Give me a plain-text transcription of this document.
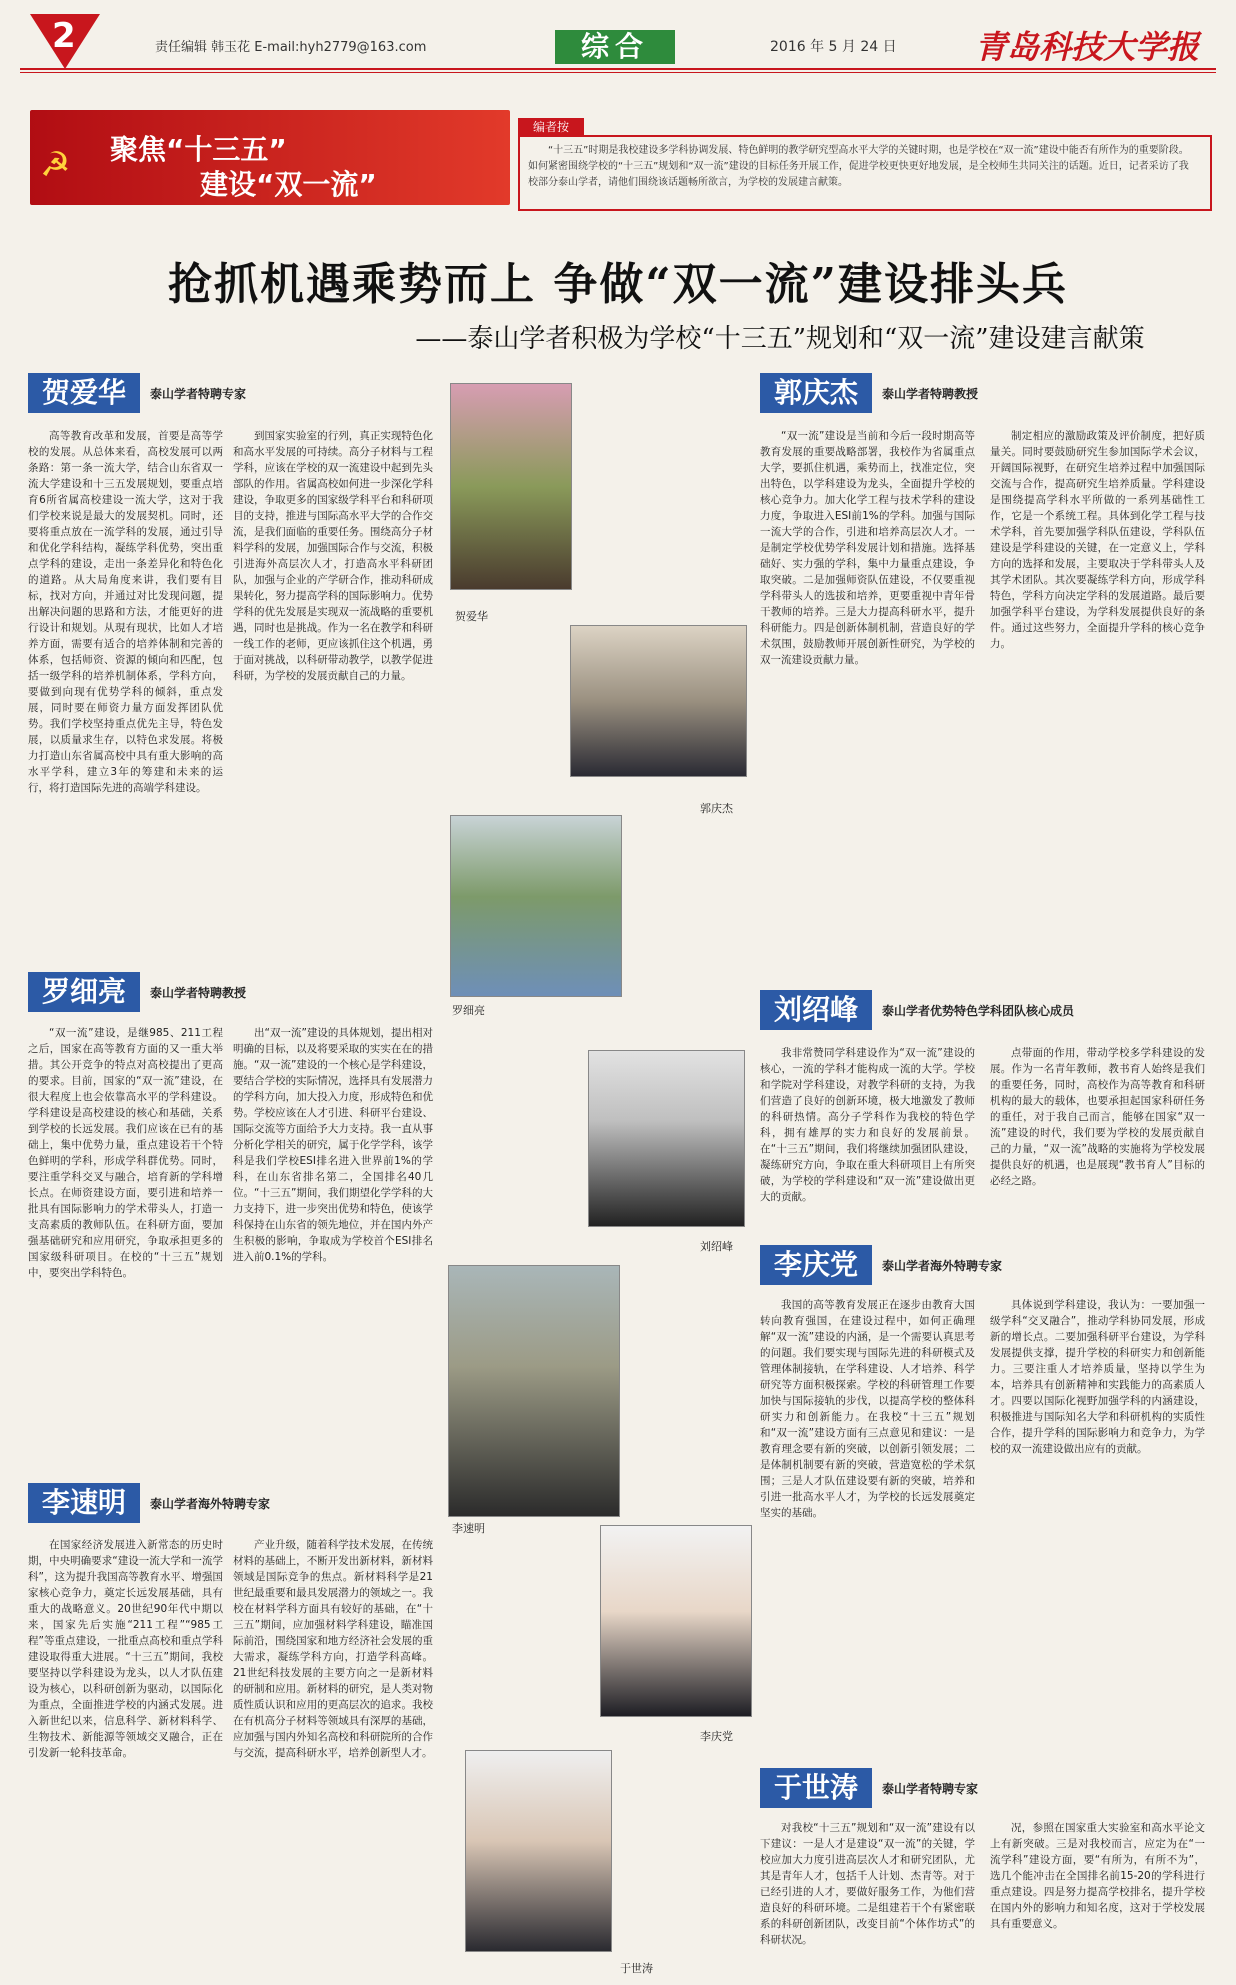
2	责任编辑 韩玉花 E-mail:hyh2779@163.com	综合	2016 年 5 月 24 日 青岛科技大学报
☭ 聚焦“十三五”
建设“双一流”
编者按
“十三五”时期是我校建设多学科协调发展、特色鲜明的教学研究型高水平大学的关键时期，也是学校在“双一流”建设中能否有所作为的重要阶段。如何紧密围绕学校的“十三五”规划和“双一流”建设的目标任务开展工作，促进学校更快更好地发展，是全校师生共同关注的话题。近日，记者采访了我校部分泰山学者，请他们围绕该话题畅所欲言，为学校的发展建言献策。
抢抓机遇乘势而上 争做“双一流”建设排头兵
——泰山学者积极为学校“十三五”规划和“双一流”建设建言献策
贺爱华	泰山学者特聘专家

高等教育改革和发展，首要是高等学校的发展。从总体来看，高校发展可以两条路：第一条一流大学，结合山东省双一流大学建设和十三五发展规划，要重点培育6所省属高校建设一流大学，这对于我们学校来说是最大的发展契机。同时，还要将重点放在一流学科的发展，通过引导和优化学科结构，凝练学科优势，突出重点学科的建设，走出一条差异化和特色化的道路。从大局角度来讲，我们要有目标，找对方向，并通过对比发现问题，提出解决问题的思路和方法，才能更好的进行设计和规划。从現有现状，比如人才培养方面，需要有适合的培养体制和完善的体系，包括师资、资源的倾向和匹配，包括一级学科的培养机制体系，学科方向，要做到向现有优势学科的倾斜，重点发展，同时要在师资力量方面发挥团队优势。我们学校坚持重点优先主导，特色发展，以质量求生存，以特色求发展。将极力打造山东省属高校中具有重大影响的高水平学科，建立3年的筹建和未来的运行，将打造国际先进的高端学科建设。

到国家实验室的行列，真正实现特色化和高水平发展的可持续。高分子材料与工程学科，应该在学校的双一流建设中起到先头部队的作用。省属高校如何进一步深化学科建设，争取更多的国家级学科平台和科研项目的支持，推进与国际高水平大学的合作交流，是我们面临的重要任务。围绕高分子材料学科的发展，加强国际合作与交流，积极引进海外高层次人才，打造高水平科研团队，加强与企业的产学研合作，推动科研成果转化，努力提高学科的国际影响力。优势学科的优先发展是实现双一流战略的重要机遇，同时也是挑战。作为一名在教学和科研一线工作的老师，更应该抓住这个机遇，勇于面对挑战，以科研带动教学，以教学促进科研，为学校的发展贡献自己的力量。

贺爱华
郭庆杰
罗细亮
刘绍峰
李速明
李庆党
于世涛
郭庆杰	泰山学者特聘教授

“双一流”建设是当前和今后一段时期高等教育发展的重要战略部署，我校作为省属重点大学，要抓住机遇，乘势而上，找准定位，突出特色，以学科建设为龙头，全面提升学校的核心竞争力。加大化学工程与技术学科的建设力度，争取进入ESI前1%的学科。加强与国际一流大学的合作，引进和培养高层次人才。一是制定学校优势学科发展计划和措施。选择基础好、实力强的学科，集中力量重点建设，争取突破。二是加强师资队伍建设，不仅要重视学科带头人的选拔和培养，更要重视中青年骨干教师的培养。三是大力提高科研水平，提升科研能力。四是创新体制机制，营造良好的学术氛围，鼓励教师开展创新性研究，为学校的双一流建设贡献力量。

制定相应的激励政策及评价制度，把好质量关。同时要鼓励研究生参加国际学术会议，开阔国际视野，在研究生培养过程中加强国际交流与合作，提高研究生培养质量。学科建设是围绕提高学科水平所做的一系列基础性工作，它是一个系统工程。具体到化学工程与技术学科，首先要加强学科队伍建设，学科队伍建设是学科建设的关键，在一定意义上，学科方向的选择和发展，主要取决于学科带头人及其学术团队。其次要凝练学科方向，形成学科特色，学科方向决定学科的发展道路。最后要加强学科平台建设，为学科发展提供良好的条件。通过这些努力，全面提升学科的核心竞争力。

罗细亮	泰山学者特聘教授

“双一流”建设，是继985、211工程之后，国家在高等教育方面的又一重大举措。其公开竞争的特点对高校提出了更高的要求。目前，国家的“双一流”建设，在很大程度上也会依靠高水平的学科建设。学科建设是高校建设的核心和基础，关系到学校的长远发展。我们应该在已有的基础上，集中优势力量，重点建设若干个特色鲜明的学科，形成学科群优势。同时，要注重学科交叉与融合，培育新的学科增长点。在师资建设方面，要引进和培养一批具有国际影响力的学术带头人，打造一支高素质的教师队伍。在科研方面，要加强基础研究和应用研究，争取承担更多的国家级科研项目。在校的“十三五”规划中，要突出学科特色。

出“双一流”建设的具体规划，提出相对明确的目标，以及将要采取的实实在在的措施。“双一流”建设的一个核心是学科建设，要结合学校的实际情况，选择具有发展潜力的学科方向，加大投入力度，形成特色和优势。学校应该在人才引进、科研平台建设、国际交流等方面给予大力支持。我一直从事分析化学相关的研究，属于化学学科，该学科是我们学校ESI排名进入世界前1%的学科，在山东省排名第二，全国排名40几位。“十三五”期间，我们期望化学学科的大力支持下，进一步突出优势和特色，使该学科保持在山东省的领先地位，并在国内外产生积极的影响，争取成为学校首个ESI排名进入前0.1%的学科。

刘绍峰	泰山学者优势特色学科团队核心成员

我非常赞同学科建设作为“双一流”建设的核心，一流的学科才能构成一流的大学。学校和学院对学科建设，对教学科研的支持，为我们营造了良好的创新环境，极大地激发了教师的科研热情。高分子学科作为我校的特色学科，拥有雄厚的实力和良好的发展前景。在“十三五”期间，我们将继续加强团队建设，凝练研究方向，争取在重大科研项目上有所突破，为学校的学科建设和“双一流”建设做出更大的贡献。

点带面的作用，带动学校多学科建设的发展。作为一名青年教师，教书育人始终是我们的重要任务，同时，高校作为高等教育和科研机构的最大的载体，也要承担起国家科研任务的重任，对于我自己而言，能够在国家“双一流”建设的时代，我们要为学校的发展贡献自己的力量，“双一流”战略的实施将为学校发展提供良好的机遇，也是展现“教书育人”目标的必经之路。

李庆党	泰山学者海外特聘专家

我国的高等教育发展正在逐步由教育大国转向教育强国，在建设过程中，如何正确理解“双一流”建设的内涵，是一个需要认真思考的问题。我们要实现与国际先进的科研模式及管理体制接轨，在学科建设、人才培养、科学研究等方面积极探索。学校的科研管理工作要加快与国际接轨的步伐，以提高学校的整体科研实力和创新能力。在我校“十三五”规划和“双一流”建设方面有三点意见和建议：一是教育理念要有新的突破，以创新引领发展；二是体制机制要有新的突破，营造宽松的学术氛围；三是人才队伍建设要有新的突破，培养和引进一批高水平人才，为学校的长远发展奠定坚实的基础。

具体说到学科建设，我认为：一要加强一级学科“交叉融合”，推动学科协同发展，形成新的增长点。二要加强科研平台建设，为学科发展提供支撑，提升学校的科研实力和创新能力。三要注重人才培养质量，坚持以学生为本，培养具有创新精神和实践能力的高素质人才。四要以国际化视野加强学科的内涵建设，积极推进与国际知名大学和科研机构的实质性合作，提升学科的国际影响力和竞争力，为学校的双一流建设做出应有的贡献。

李速明	泰山学者海外特聘专家

在国家经济发展进入新常态的历史时期，中央明确要求“建设一流大学和一流学科”，这为提升我国高等教育水平、增强国家核心竞争力，奠定长远发展基础，具有重大的战略意义。20世纪90年代中期以来，国家先后实施“211工程”“985工程”等重点建设，一批重点高校和重点学科建设取得重大进展。“十三五”期间，我校要坚持以学科建设为龙头，以人才队伍建设为核心，以科研创新为驱动，以国际化为重点，全面推进学校的内涵式发展。进入新世纪以来，信息科学、新材料科学、生物技术、新能源等领域交叉融合，正在引发新一轮科技革命。

产业升级，随着科学技术发展，在传统材料的基础上，不断开发出新材料，新材料领域是国际竞争的焦点。新材料科学是21世纪最重要和最具发展潜力的领域之一。我校在材料学科方面具有较好的基础，在“十三五”期间，应加强材料学科建设，瞄准国际前沿，围绕国家和地方经济社会发展的重大需求，凝练学科方向，打造学科高峰。21世纪科技发展的主要方向之一是新材料的研制和应用。新材料的研究，是人类对物质性质认识和应用的更高层次的追求。我校在有机高分子材料等领域具有深厚的基础，应加强与国内外知名高校和科研院所的合作与交流，提高科研水平，培养创新型人才。

于世涛	泰山学者特聘专家

对我校“十三五”规划和“双一流”建设有以下建议：一是人才是建设“双一流”的关键，学校应加大力度引进高层次人才和研究团队，尤其是青年人才，包括千人计划、杰青等。对于已经引进的人才，要做好服务工作，为他们营造良好的科研环境。二是组建若干个有紧密联系的科研创新团队，改变目前“个体作坊式”的科研状况。

况，参照在国家重大实验室和高水平论文上有新突破。三是对我校而言，应定为在“一流学科”建设方面，要“有所为，有所不为”，选几个能冲击在全国排名前15-20的学科进行重点建设。四是努力提高学校排名，提升学校在国内外的影响力和知名度，这对于学校发展具有重要意义。
